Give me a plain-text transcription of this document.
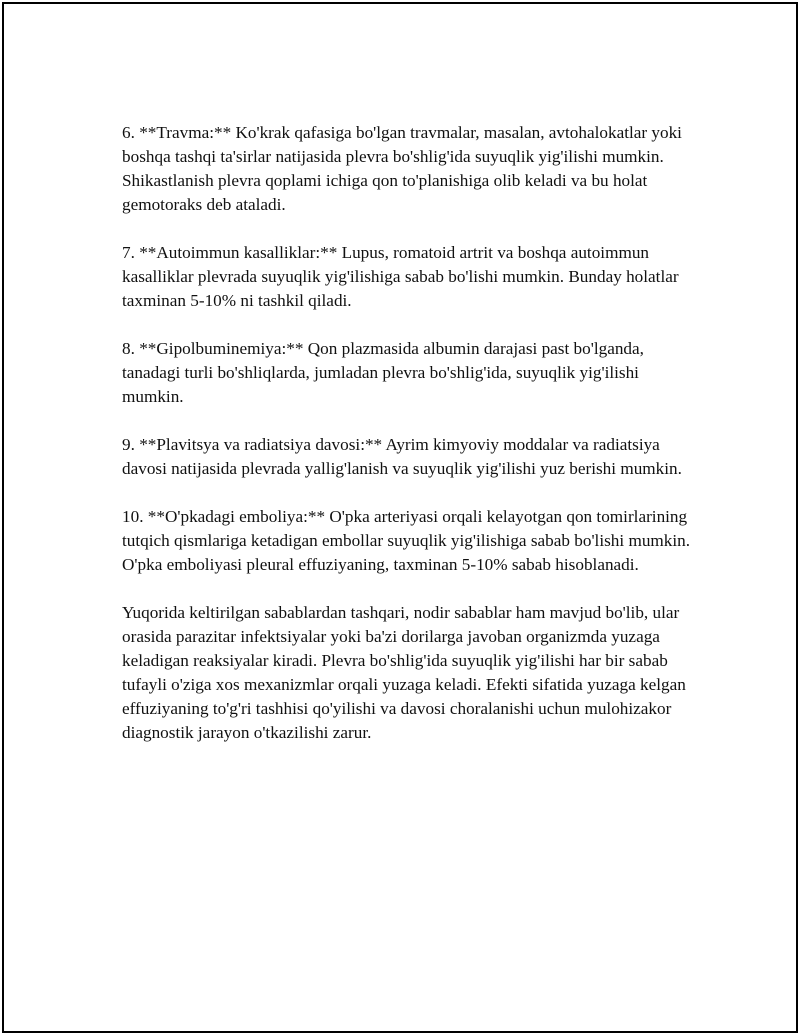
6. **Travma:** Ko'krak qafasiga bo'lgan travmalar, masalan, avtohalokatlar yoki boshqa tashqi ta'sirlar natijasida plevra bo'shlig'ida suyuqlik yig'ilishi mumkin. Shikastlanish plevra qoplami ichiga qon to'planishiga olib keladi va bu holat gemotoraks deb ataladi.

7. **Autoimmun kasalliklar:** Lupus, romatoid artrit va boshqa autoimmun kasalliklar plevrada suyuqlik yig'ilishiga sabab bo'lishi mumkin. Bunday holatlar taxminan 5-10% ni tashkil qiladi.

8. **Gipolbuminemiya:** Qon plazmasida albumin darajasi past bo'lganda, tanadagi turli bo'shliqlarda, jumladan plevra bo'shlig'ida, suyuqlik yig'ilishi mumkin.

9. **Plavitsya va radiatsiya davosi:** Ayrim kimyoviy moddalar va radiatsiya davosi natijasida plevrada yallig'lanish va suyuqlik yig'ilishi yuz berishi mumkin.

10. **O'pkadagi emboliya:** O'pka arteriyasi orqali kelayotgan qon tomirlarining tutqich qismlariga ketadigan embollar suyuqlik yig'ilishiga sabab bo'lishi mumkin. O'pka emboliyasi pleural effuziyaning, taxminan 5-10% sabab hisoblanadi.

Yuqorida keltirilgan sabablardan tashqari, nodir sabablar ham mavjud bo'lib, ular orasida parazitar infektsiyalar yoki ba'zi dorilarga javoban organizmda yuzaga keladigan reaksiyalar kiradi. Plevra bo'shlig'ida suyuqlik yig'ilishi har bir sabab tufayli o'ziga xos mexanizmlar orqali yuzaga keladi. Efekti sifatida yuzaga kelgan effuziyaning to'g'ri tashhisi qo'yilishi va davosi choralanishi uchun mulohizakor diagnostik jarayon o'tkazilishi zarur.
